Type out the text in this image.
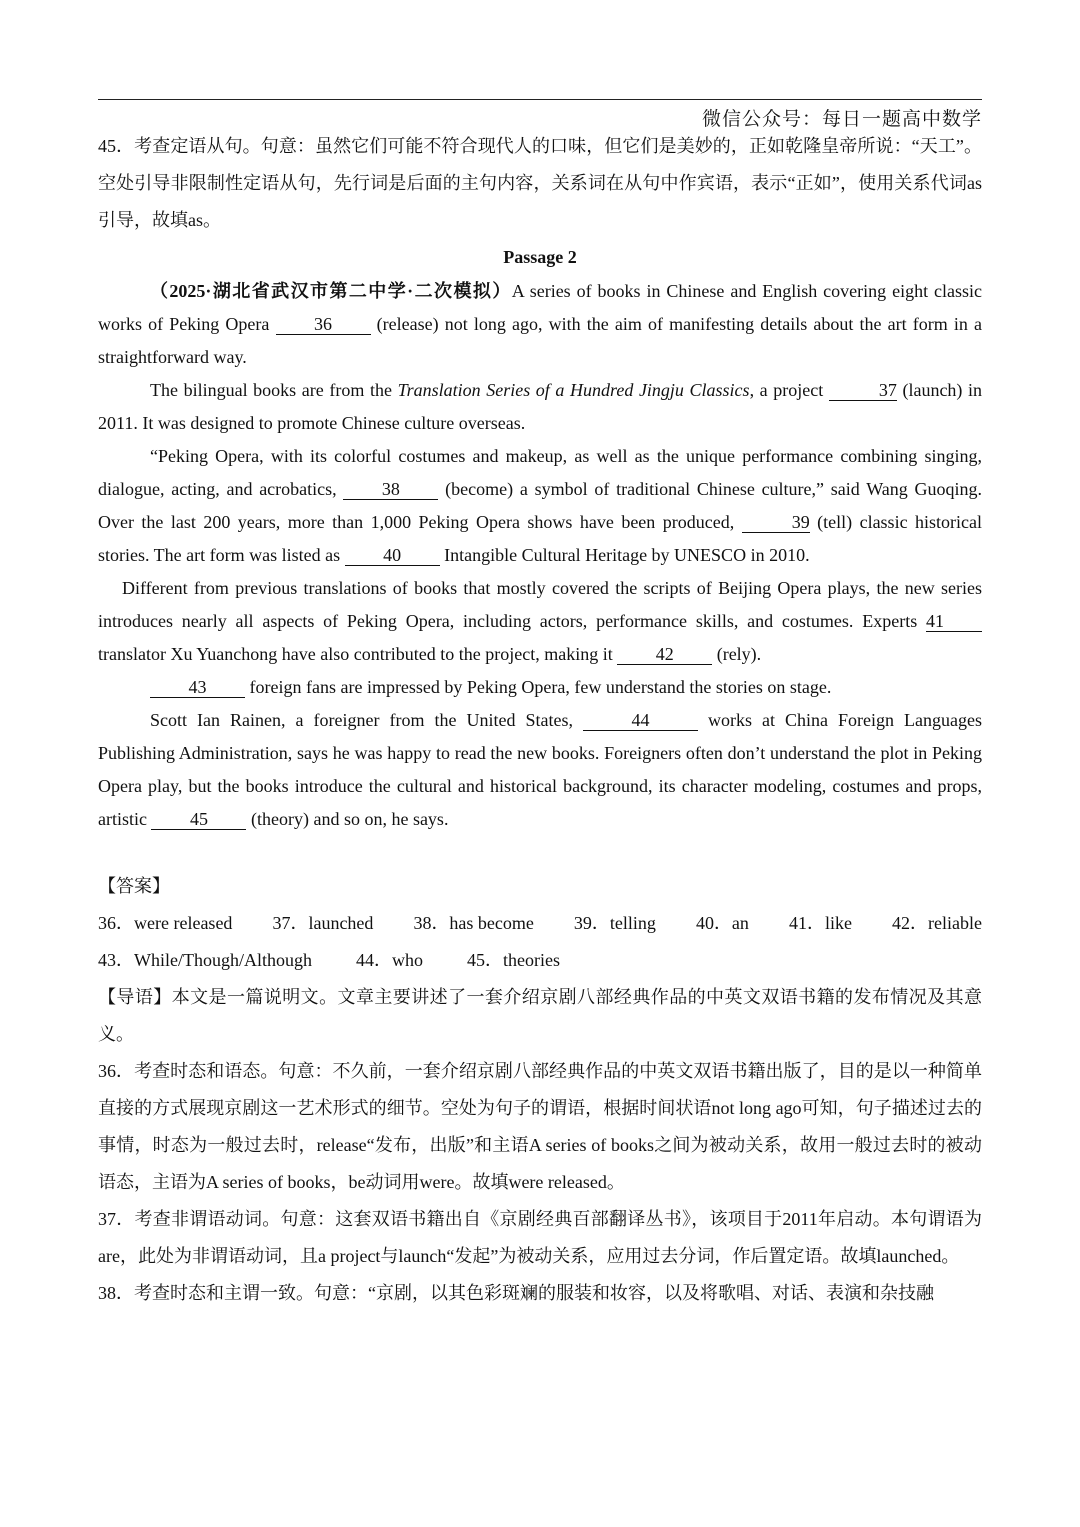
微信公众号：每日一题高中数学

45．考查定语从句。句意：虽然它们可能不符合现代人的口味，但它们是美妙的，正如乾隆皇帝所说：“天工”。空处引导非限制性定语从句，先行词是后面的主句内容，关系词在从句中作宾语，表示“正如”，使用关系代词as引导，故填as。

Passage 2

（2025·湖北省武汉市第二中学·二次模拟）A series of books in Chinese and English covering eight classic works of Peking Opera 36 (release) not long ago, with the aim of manifesting details about the art form in a straightforward way.

The bilingual books are from the Translation Series of a Hundred Jingju Classics, a project	37 (launch) in 2011. It was designed to promote Chinese culture overseas.

“Peking Opera, with its colorful costumes and makeup, as well as the unique performance combining singing, dialogue, acting, and acrobatics,	38	(become) a symbol of traditional Chinese culture,” said Wang Guoqing. Over the last 200 years, more than 1,000 Peking Opera shows have been produced,	39 (tell) classic historical stories. The art form was listed as 40 Intangible Cultural Heritage by UNESCO in 2010.

Different from previous translations of books that mostly covered the scripts of Beijing Opera plays, the new series introduces nearly all aspects of Peking Opera, including actors, performance skills, and costumes. Experts 41 translator Xu Yuanchong have also contributed to the project, making it 42 (rely).

43 foreign fans are impressed by Peking Opera, few understand the stories on stage.

Scott Ian Rainen, a foreigner from the United States,	44	works at China Foreign Languages Publishing Administration, says he was happy to read the new books. Foreigners often don’t understand the plot in Peking Opera play, but the books introduce the cultural and historical background, its character modeling, costumes and props, artistic 45 (theory) and so on, he says.

【答案】

36．were released 37．launched 38．has become 39．telling 40．an 41．like 42．reliable
43．While/Though/Although 44．who 45．theories

【导语】本文是一篇说明文。文章主要讲述了一套介绍京剧八部经典作品的中英文双语书籍的发布情况及其意义。

36．考查时态和语态。句意：不久前，一套介绍京剧八部经典作品的中英文双语书籍出版了，目的是以一种简单直接的方式展现京剧这一艺术形式的细节。空处为句子的谓语，根据时间状语not long ago可知，句子描述过去的事情，时态为一般过去时，release“发布，出版”和主语A series of books之间为被动关系，故用一般过去时的被动语态，主语为A series of books，be动词用were。故填were released。

37．考查非谓语动词。句意：这套双语书籍出自《京剧经典百部翻译丛书》，该项目于2011年启动。本句谓语为are，此处为非谓语动词，且a project与launch“发起”为被动关系，应用过去分词，作后置定语。故填launched。

38．考查时态和主谓一致。句意：“京剧，以其色彩斑斓的服装和妆容，以及将歌唱、对话、表演和杂技融
